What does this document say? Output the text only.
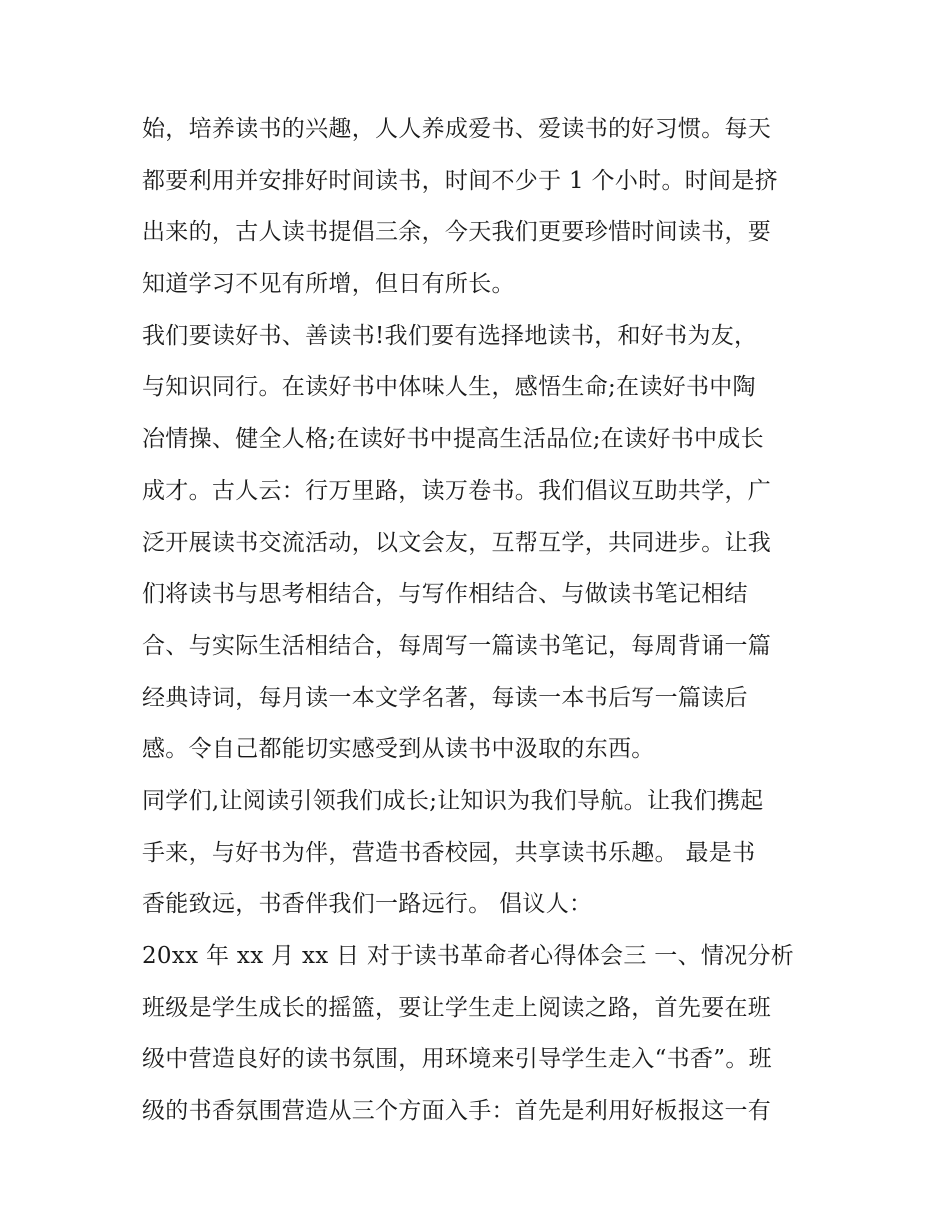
始，培养读书的兴趣，人人养成爱书、爱读书的好习惯。每天
都要利用并安排好时间读书，时间不少于 1 个小时。时间是挤
出来的，古人读书提倡三余，今天我们更要珍惜时间读书，要
知道学习不见有所增，但日有所长。
我们要读好书、善读书!我们要有选择地读书，和好书为友，
与知识同行。在读好书中体味人生，感悟生命;在读好书中陶
冶情操、健全人格;在读好书中提高生活品位;在读好书中成长
成才。古人云：行万里路，读万卷书。我们倡议互助共学，广
泛开展读书交流活动，以文会友，互帮互学，共同进步。让我
们将读书与思考相结合，与写作相结合、与做读书笔记相结
合、与实际生活相结合，每周写一篇读书笔记，每周背诵一篇
经典诗词，每月读一本文学名著，每读一本书后写一篇读后
感。令自己都能切实感受到从读书中汲取的东西。
同学们,让阅读引领我们成长;让知识为我们导航。让我们携起
手来，与好书为伴，营造书香校园，共享读书乐趣。 最是书
香能致远，书香伴我们一路远行。 倡议人：
20xx 年 xx 月 xx 日 对于读书革命者心得体会三 一、情况分析
班级是学生成长的摇篮，要让学生走上阅读之路，首先要在班
级中营造良好的读书氛围，用环境来引导学生走入“书香”。班
级的书香氛围营造从三个方面入手：首先是利用好板报这一有
